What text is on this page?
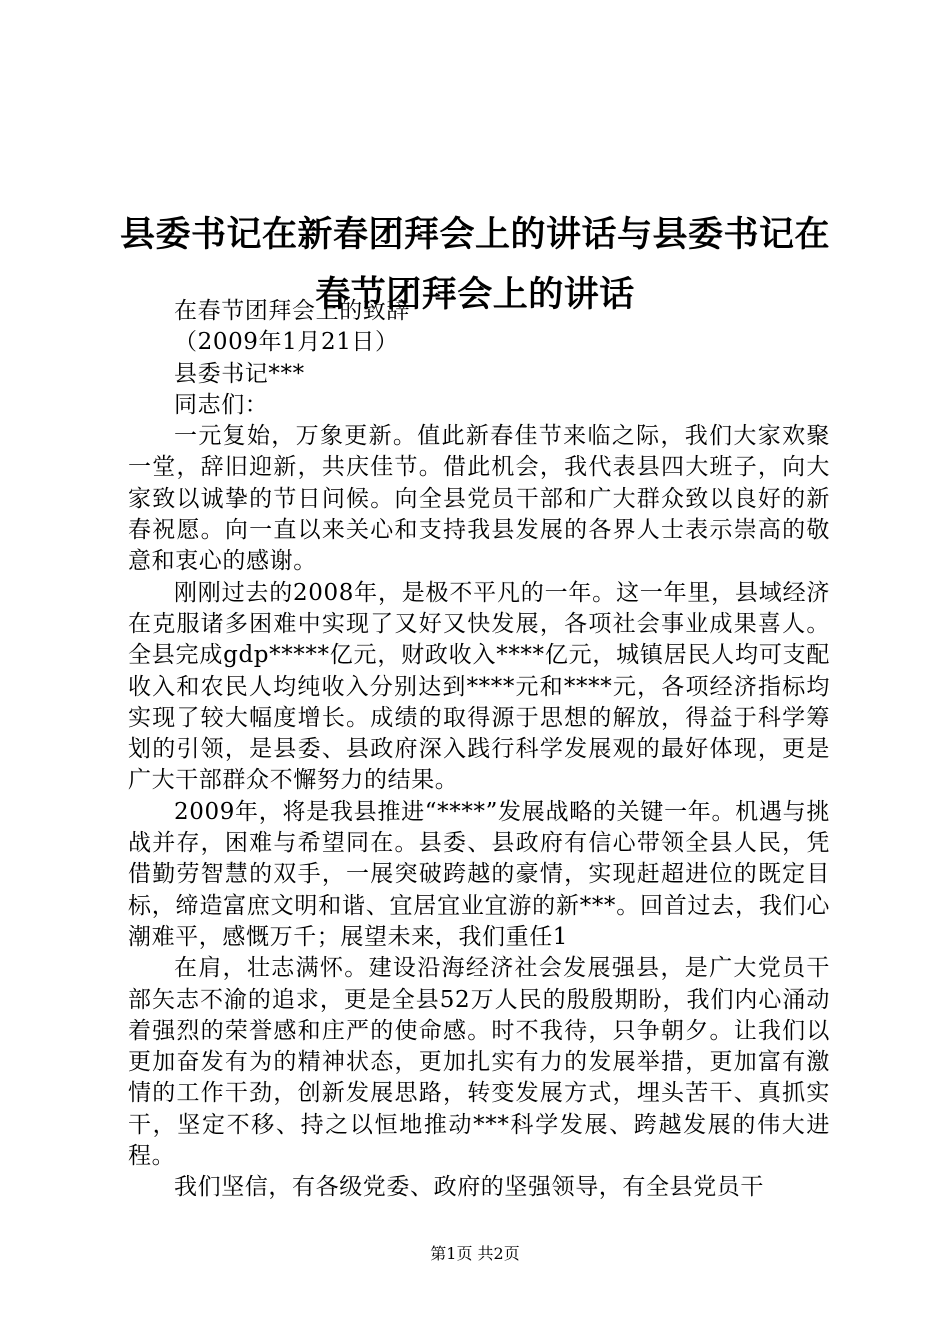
县委书记在新春团拜会上的讲话与县委书记在春节团拜会上的讲话

在春节团拜会上的致辞

（2009年1月21日）

县委书记***

同志们：

一元复始，万象更新。值此新春佳节来临之际，我们大家欢聚一堂，辞旧迎新，共庆佳节。借此机会，我代表县四大班子，向大家致以诚挚的节日问候。向全县党员干部和广大群众致以良好的新春祝愿。向一直以来关心和支持我县发展的各界人士表示崇高的敬意和衷心的感谢。

刚刚过去的2008年，是极不平凡的一年。这一年里，县域经济在克服诸多困难中实现了又好又快发展，各项社会事业成果喜人。全县完成gdp*****亿元，财政收入****亿元，城镇居民人均可支配收入和农民人均纯收入分别达到****元和****元，各项经济指标均实现了较大幅度增长。成绩的取得源于思想的解放，得益于科学筹划的引领，是县委、县政府深入践行科学发展观的最好体现，更是广大干部群众不懈努力的结果。

2009年，将是我县推进“****”发展战略的关键一年。机遇与挑战并存，困难与希望同在。县委、县政府有信心带领全县人民，凭借勤劳智慧的双手，一展突破跨越的豪情，实现赶超进位的既定目标，缔造富庶文明和谐、宜居宜业宜游的新***。回首过去，我们心潮难平，感慨万千；展望未来，我们重任1

在肩，壮志满怀。建设沿海经济社会发展强县，是广大党员干部矢志不渝的追求，更是全县52万人民的殷殷期盼，我们内心涌动着强烈的荣誉感和庄严的使命感。时不我待，只争朝夕。让我们以更加奋发有为的精神状态，更加扎实有力的发展举措，更加富有激情的工作干劲，创新发展思路，转变发展方式，埋头苦干、真抓实干，坚定不移、持之以恒地推动***科学发展、跨越发展的伟大进程。

我们坚信，有各级党委、政府的坚强领导，有全县党员干

第1页 共2页
